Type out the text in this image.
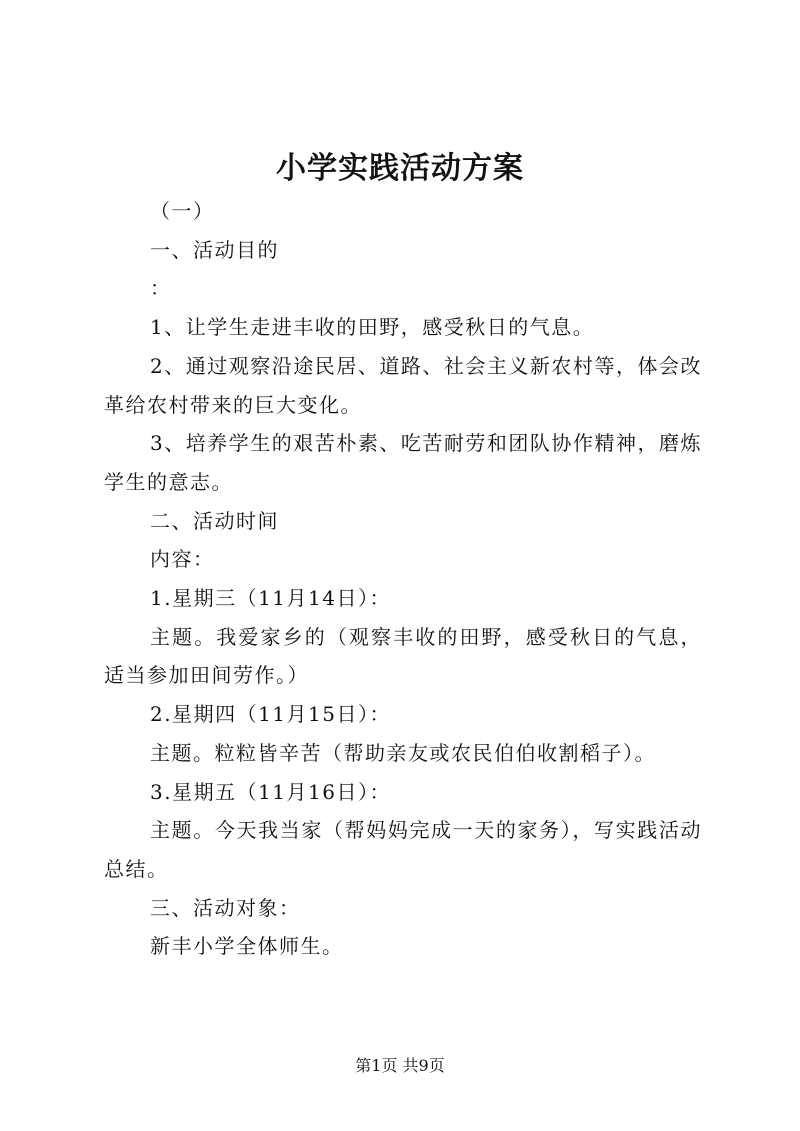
小学实践活动方案

（一）

一、活动目的

：

1、让学生走进丰收的田野，感受秋日的气息。

2、通过观察沿途民居、道路、社会主义新农村等，体会改革给农村带来的巨大变化。

3、培养学生的艰苦朴素、吃苦耐劳和团队协作精神，磨炼学生的意志。

二、活动时间

内容：

1.星期三（11月14日）：

主题。我爱家乡的（观察丰收的田野，感受秋日的气息，适当参加田间劳作。）

2.星期四（11月15日）：

主题。粒粒皆辛苦（帮助亲友或农民伯伯收割稻子）。

3.星期五（11月16日）：

主题。今天我当家（帮妈妈完成一天的家务），写实践活动总结。

三、活动对象：

新丰小学全体师生。

第1页 共9页
